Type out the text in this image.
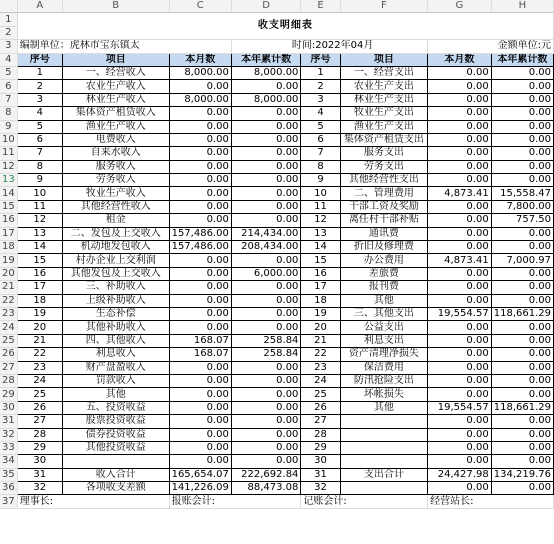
	A	B	C	D	E	F	G	H
1	收支明细表							
2								
3	编制单位：虎林市宝东镇太			时间:2022年04月			金额单位:元	
4	序号	项目	本月数	本年累计数	序号	项目	本月数	本年累计数
5	1	一、经营收入	8,000.00	8,000.00	1	一、经营支出	0.00	0.00
6	2	农业生产收入	0.00	0.00	2	农业生产支出	0.00	0.00
7	3	林业生产收入	8,000.00	8,000.00	3	林业生产支出	0.00	0.00
8	4	集体资产租赁收入	0.00	0.00	4	牧业生产支出	0.00	0.00
9	5	渔业生产收入	0.00	0.00	5	渔业生产支出	0.00	0.00
10	6	电费收入	0.00	0.00	6	集体资产租赁支出	0.00	0.00
11	7	自来水收入	0.00	0.00	7	服务支出	0.00	0.00
12	8	服务收入	0.00	0.00	8	劳务支出	0.00	0.00
13	9	劳务收入	0.00	0.00	9	其他经营性支出	0.00	0.00
14	10	牧业生产收入	0.00	0.00	10	二、管理费用	4,873.41	15,558.47
15	11	其他经营性收入	0.00	0.00	11	干部工资及奖励	0.00	7,800.00
16	12	租金	0.00	0.00	12	离任村干部补贴	0.00	757.50
17	13	二、发包及上交收入	157,486.00	214,434.00	13	通讯费	0.00	0.00
18	14	机动地发包收入	157,486.00	208,434.00	14	折旧及修理费	0.00	0.00
19	15	村办企业上交利润	0.00	0.00	15	办公费用	4,873.41	7,000.97
20	16	其他发包及上交收入	0.00	6,000.00	16	差旅费	0.00	0.00
21	17	三、补助收入	0.00	0.00	17	报刊费	0.00	0.00
22	18	上级补助收入	0.00	0.00	18	其他	0.00	0.00
23	19	生态补偿	0.00	0.00	19	三、其他支出	19,554.57	118,661.29
24	20	其他补助收入	0.00	0.00	20	公益支出	0.00	0.00
25	21	四、其他收入	168.07	258.84	21	利息支出	0.00	0.00
26	22	利息收入	168.07	258.84	22	资产清理净损失	0.00	0.00
27	23	财产盘盈收入	0.00	0.00	23	保洁费用	0.00	0.00
28	24	罚款收入	0.00	0.00	24	防汛抢险支出	0.00	0.00
29	25	其他	0.00	0.00	25	坏帐损失	0.00	0.00
30	26	五、投资收益	0.00	0.00	26	其他	19,554.57	118,661.29
31	27	股票投资收益	0.00	0.00	27		0.00	0.00
32	28	债券投资收益	0.00	0.00	28		0.00	0.00
33	29	其他投资收益	0.00	0.00	29		0.00	0.00
34	30		0.00	0.00	30		0.00	0.00
35	31	收入合计	165,654.07	222,692.84	31	支出合计	24,427.98	134,219.76
36	32	各项收支差额	141,226.09	88,473.08	32		0.00	0.00
37	理事长:		报账会计:		记账会计:		经营站长:	
